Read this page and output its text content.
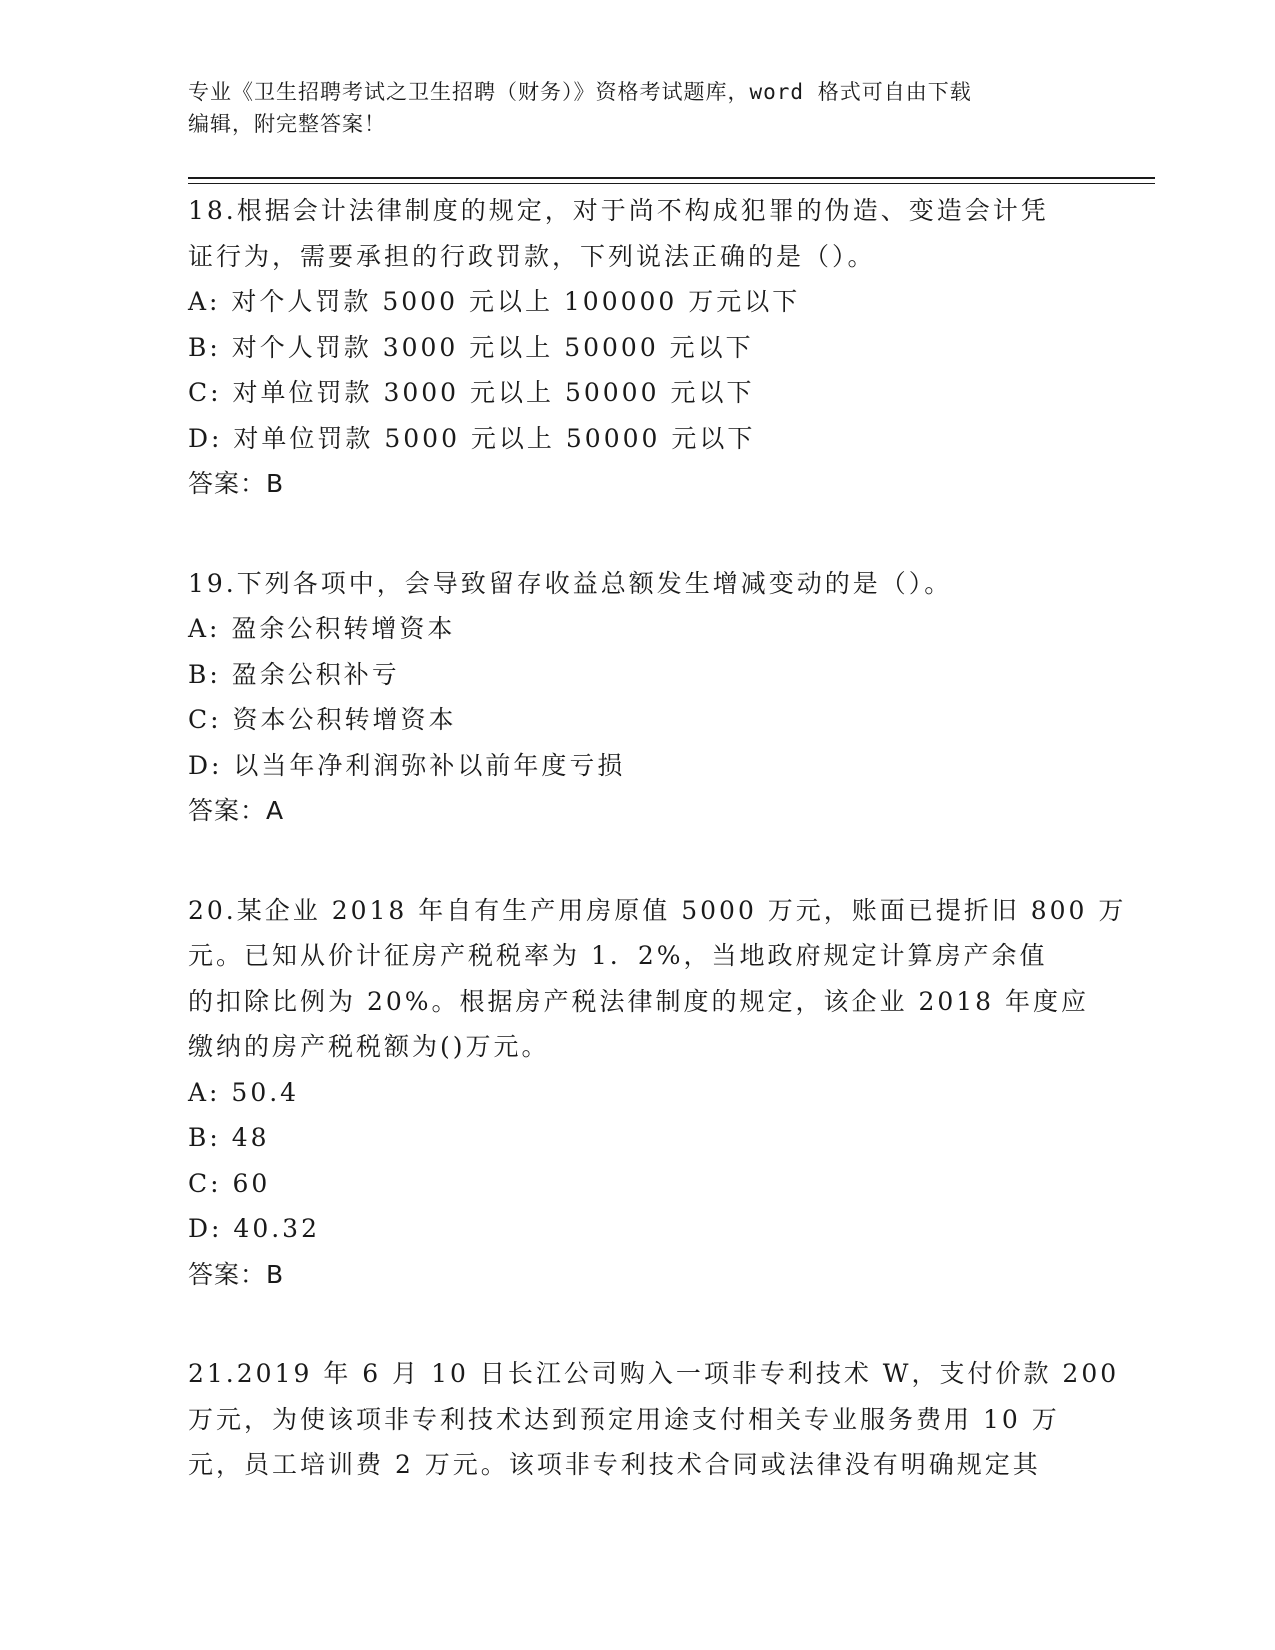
专业《卫生招聘考试之卫生招聘（财务）》资格考试题库，word 格式可自由下载
编辑，附完整答案！

18.根据会计法律制度的规定，对于尚不构成犯罪的伪造、变造会计凭

证行为，需要承担的行政罚款，下列说法正确的是（）。

A: 对个人罚款 5000 元以上 100000 万元以下

B: 对个人罚款 3000 元以上 50000 元以下

C: 对单位罚款 3000 元以上 50000 元以下

D: 对单位罚款 5000 元以上 50000 元以下

答案：B

19.下列各项中，会导致留存收益总额发生增减变动的是（）。

A: 盈余公积转增资本

B: 盈余公积补亏

C: 资本公积转增资本

D: 以当年净利润弥补以前年度亏损

答案：A

20.某企业 2018 年自有生产用房原值 5000 万元，账面已提折旧 800 万

元。已知从价计征房产税税率为 1．2%，当地政府规定计算房产余值

的扣除比例为 20%。根据房产税法律制度的规定，该企业 2018 年度应

缴纳的房产税税额为()万元。

A: 50.4

B: 48

C: 60

D: 40.32

答案：B

21.2019 年 6 月 10 日长江公司购入一项非专利技术 W，支付价款 200

万元，为使该项非专利技术达到预定用途支付相关专业服务费用 10 万

元，员工培训费 2 万元。该项非专利技术合同或法律没有明确规定其
